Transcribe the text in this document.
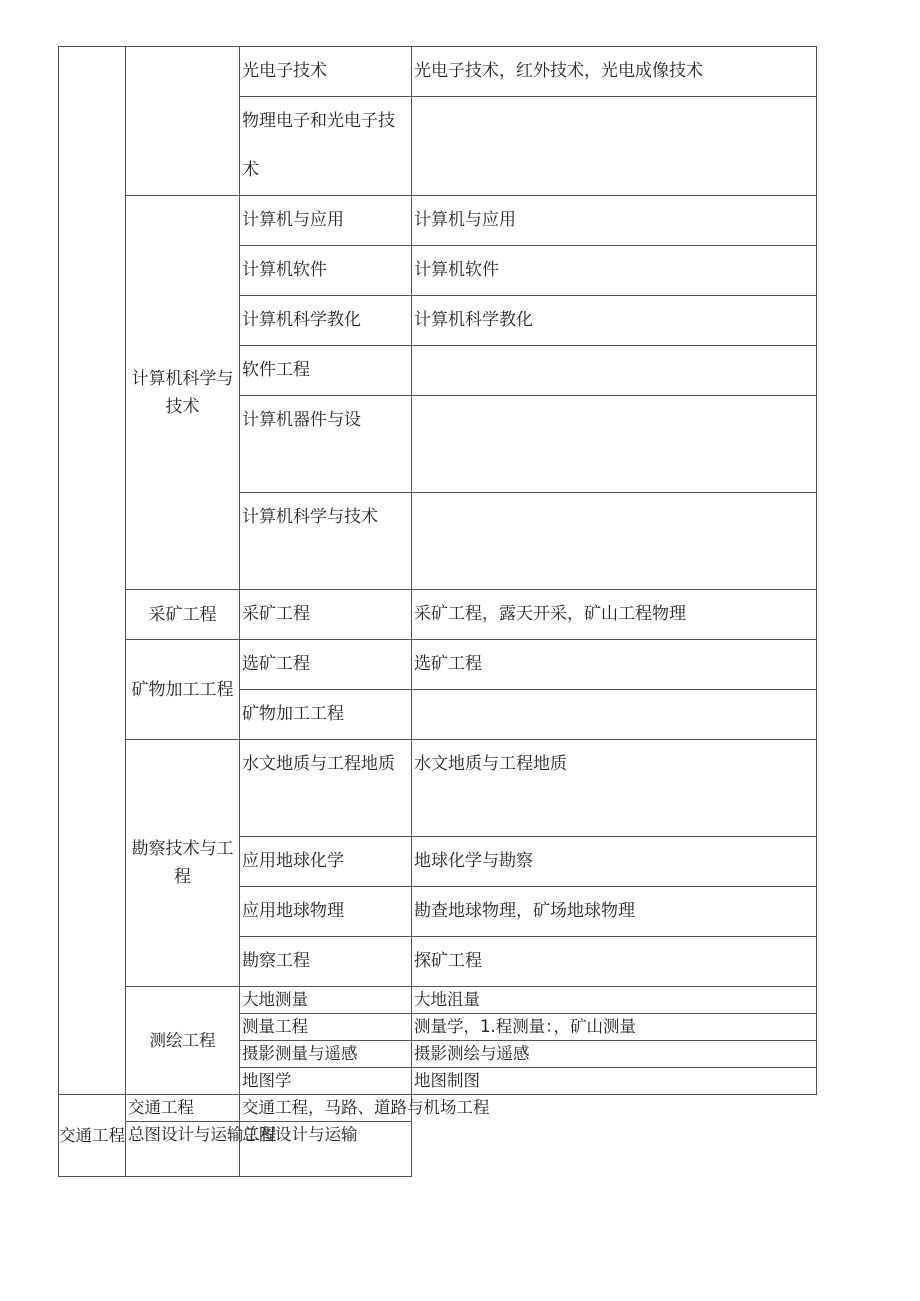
		光电子技术	光电子技术，红外技术，光电成像技术
		物理电子和光电子技术	
	计算机科学与技术	计算机与应用	计算机与应用
		计算机软件	计算机软件
		计算机科学教化	计算机科学教化
		软件工程	
		计算机器件与设	
		计算机科学与技术	
	采矿工程	采矿工程	采矿工程，露天开采，矿山工程物理
	矿物加工工程	选矿工程	选矿工程
		矿物加工工程	
	勘察技术与工程	水文地质与工程地质	水文地质与工程地质
		应用地球化学	地球化学与勘察
		应用地球物理	勘查地球物理，矿场地球物理
		勘察工程	探矿工程
	测绘工程	大地测量	大地沮量
		测量工程	测量学，1.程测量：，矿山测量
		摄影测量与遥感	摄影测绘与遥感
		地图学	地图制图
交通工程	交通工程	交通工程，马路、道路与机场工程	
	总图设计与运输工程	总图设计与运输	
